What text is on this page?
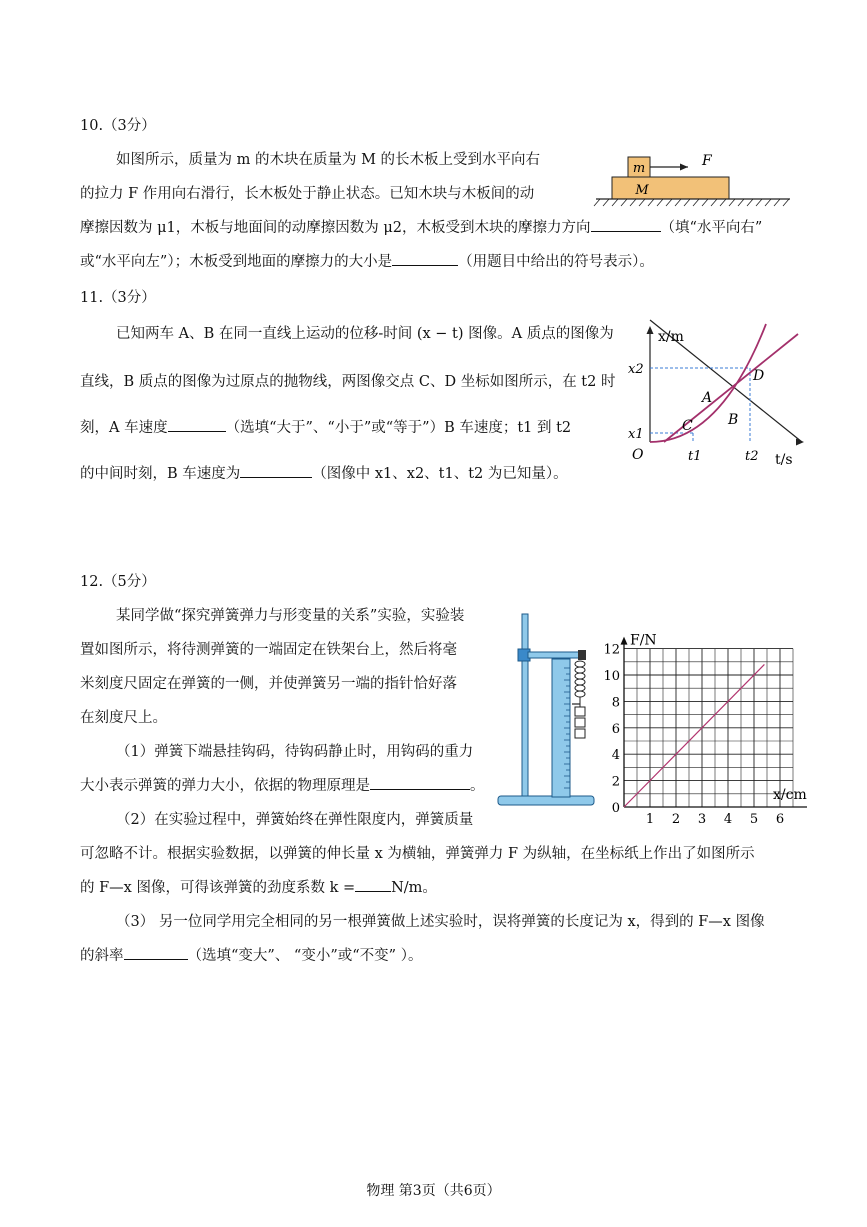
10.（3分）
如图所示，质量为 m 的木块在质量为 M 的长木板上受到水平向右
的拉力 F 作用向右滑行，长木板处于静止状态。已知木块与木板间的动
摩擦因数为 μ1，木板与地面间的动摩擦因数为 μ2，木板受到木块的摩擦力方向	（填“水平向右”
或“水平向左”）；木板受到地面的摩擦力的大小是	（用题目中给出的符号表示）。
m
M
F
11.（3分）
已知两车 A、B 在同一直线上运动的位移-时间 (x − t) 图像。A 质点的图像为
直线，B 质点的图像为过原点的抛物线，两图像交点 C、D 坐标如图所示，在 t2 时
刻，A 车速度	（选填“大于”、“小于”或“等于”）B 车速度；t1 到 t2
的中间时刻，B 车速度为	（图像中 x1、x2、t1、t2 为已知量）。
x/m
t/s
O
x1
x2
t1	t2
C
D
A
B
12.（5分）
某同学做“探究弹簧弹力与形变量的关系”实验，实验装
置如图所示，将待测弹簧的一端固定在铁架台上，然后将毫
米刻度尺固定在弹簧的一侧，并使弹簧另一端的指针恰好落
在刻度尺上。
（1）弹簧下端悬挂钩码，待钩码静止时，用钩码的重力
大小表示弹簧的弹力大小，依据的物理原理是	。
（2）在实验过程中，弹簧始终在弹性限度内，弹簧质量
可忽略不计。根据实验数据，以弹簧的伸长量 x 为横轴，弹簧弹力 F 为纵轴，在坐标纸上作出了如图所示
的 F—x 图像，可得该弹簧的劲度系数 k = N/m。
（3） 另一位同学用完全相同的另一根弹簧做上述实验时，误将弹簧的长度记为 x，得到的 F—x 图像
的斜率	（选填“变大”、 “变小”或“不变” ）。
1 2 3 4 5 6
0
2
4
6
8
10
12
F/N
x/cm
物理 第3页（共6页）
